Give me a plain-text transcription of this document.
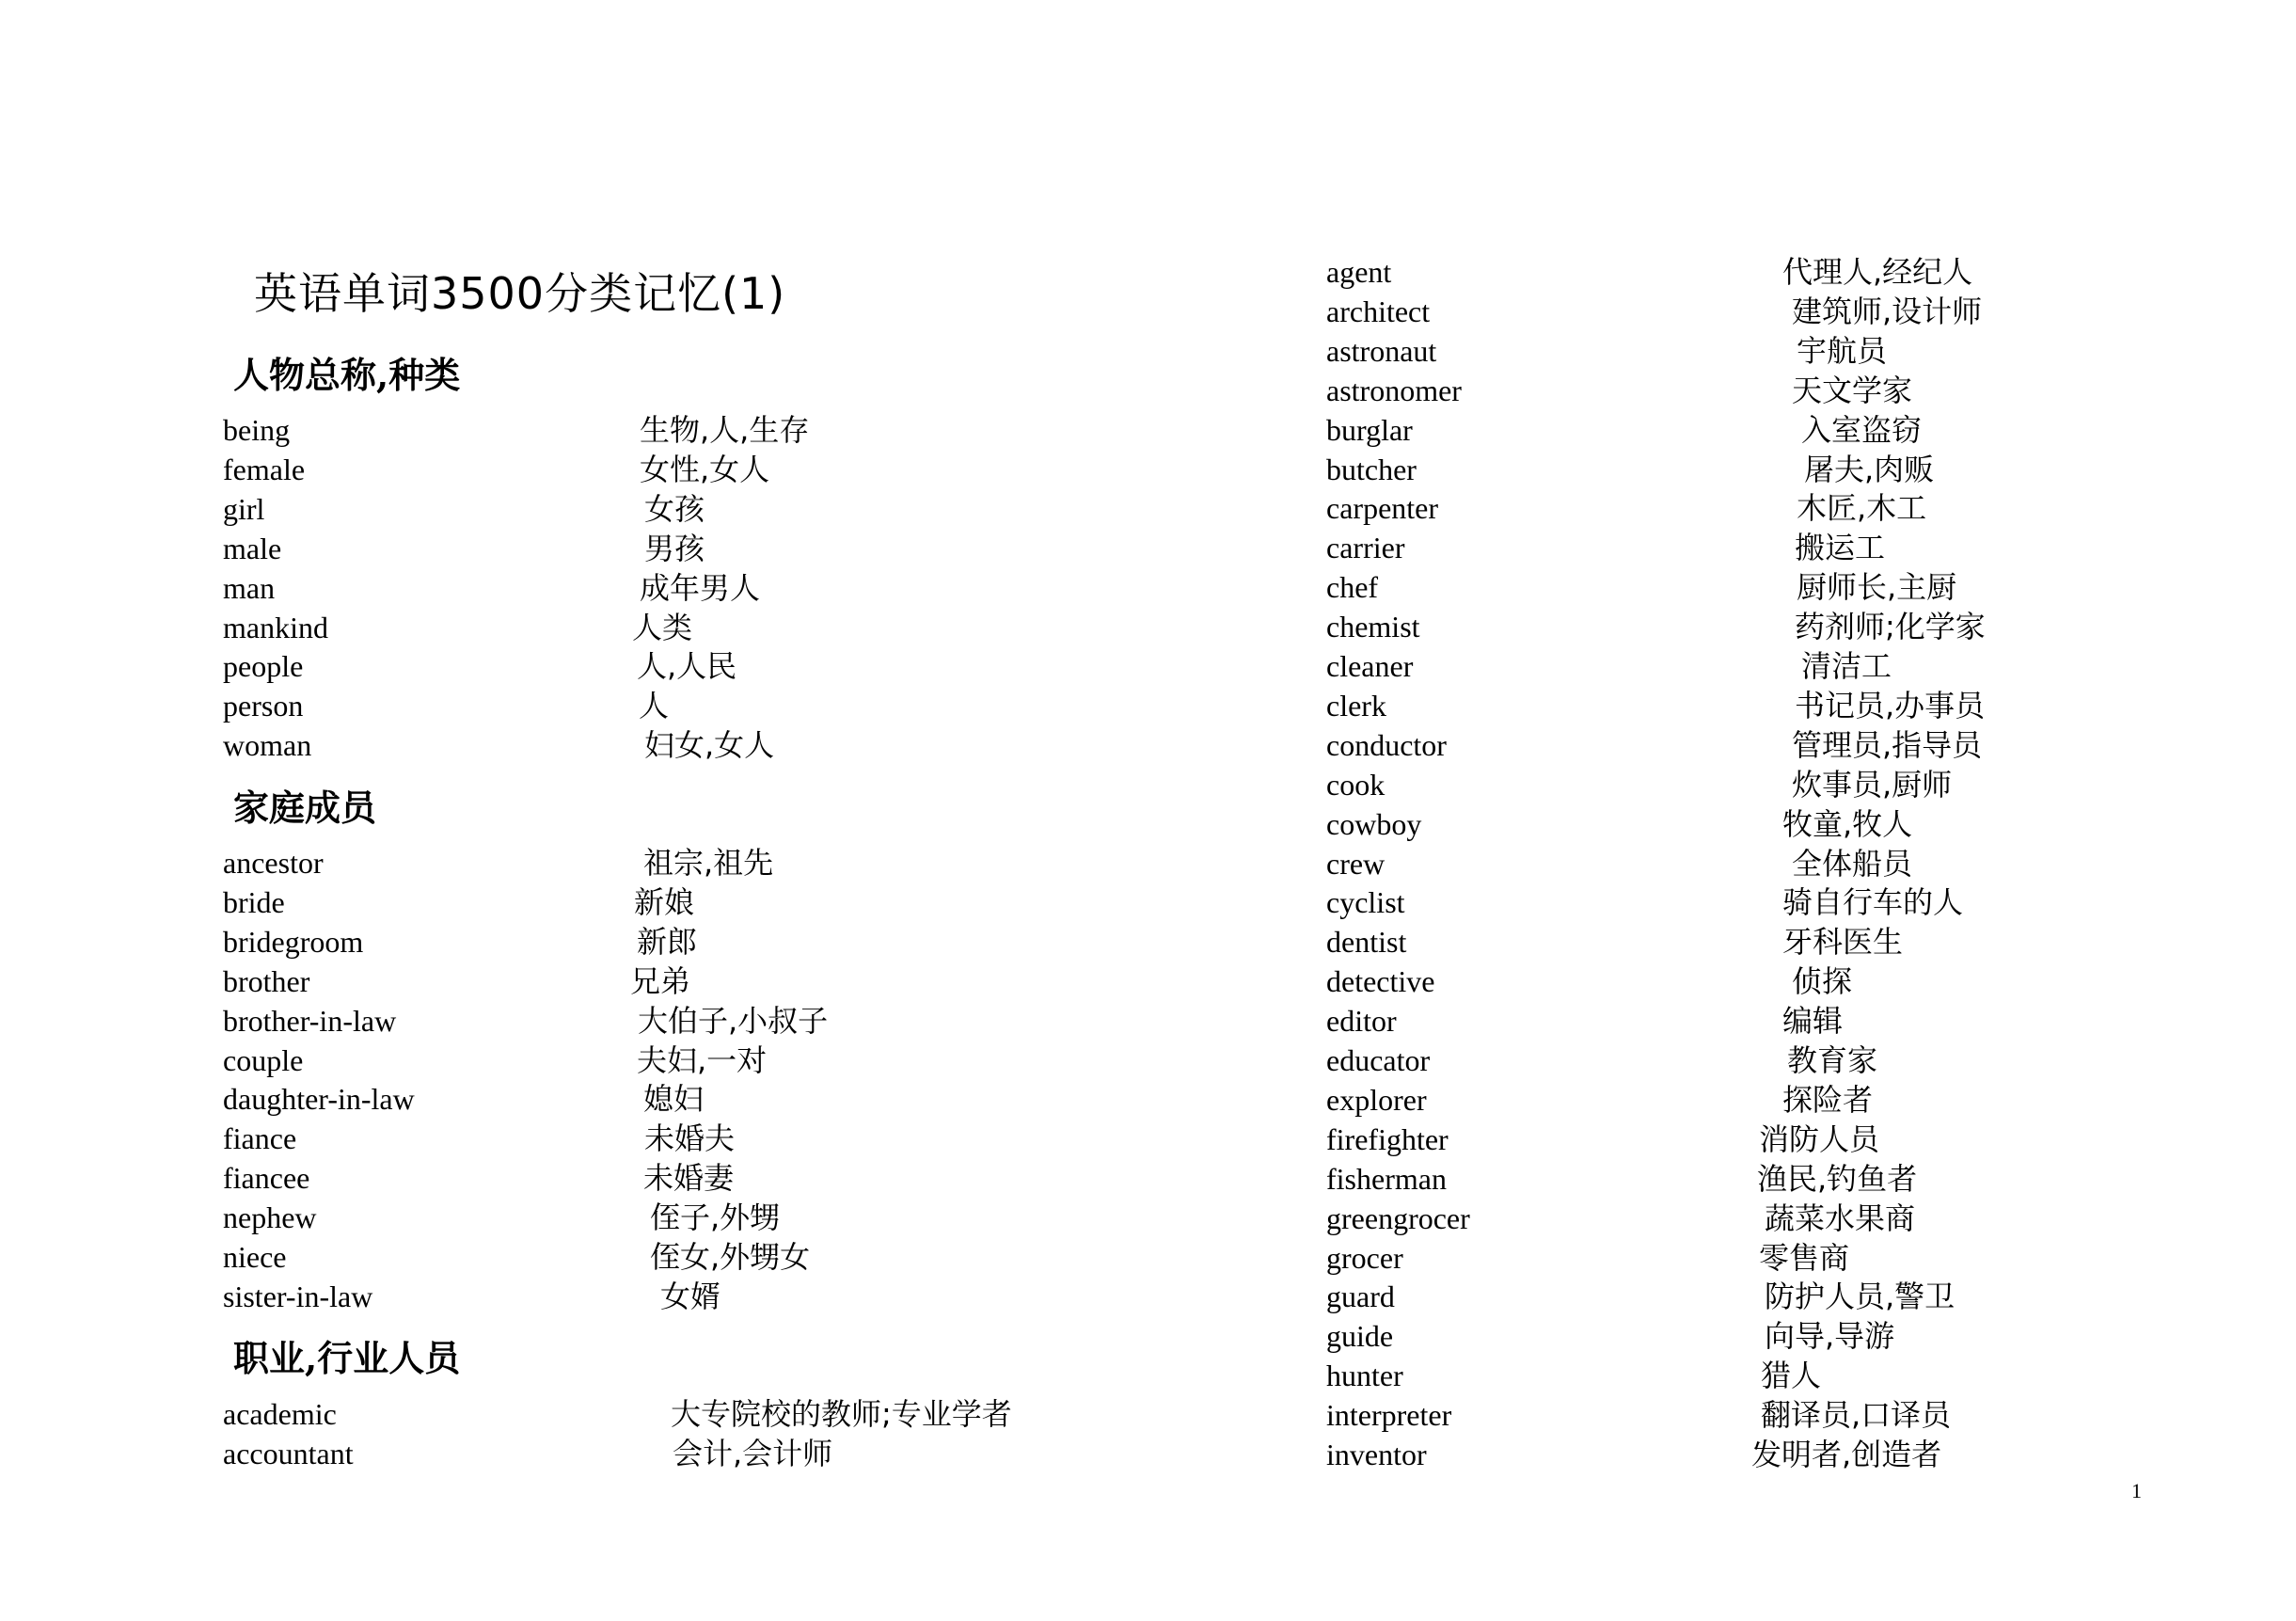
英语单词3500分类记忆(1)
人物总称,种类
being	生物,人,生存
female	女性,女人
girl	女孩
male	男孩
man	成年男人
mankind	人类
people	人,人民
person	人
woman	妇女,女人
家庭成员
ancestor	祖宗,祖先
bride	新娘
bridegroom	新郎
brother	兄弟
brother-in-law	大伯子,小叔子
couple	夫妇,一对
daughter-in-law	媳妇
fiance	未婚夫
fiancee	未婚妻
nephew	侄子,外甥
niece	侄女,外甥女
sister-in-law	女婿
职业,行业人员
academic	大专院校的教师;专业学者
accountant	会计,会计师
agent	代理人,经纪人
architect	建筑师,设计师
astronaut	宇航员
astronomer	天文学家
burglar	入室盗窃
butcher	屠夫,肉贩
carpenter	木匠,木工
carrier	搬运工
chef	厨师长,主厨
chemist	药剂师;化学家
cleaner	清洁工
clerk	书记员,办事员
conductor	管理员,指导员
cook	炊事员,厨师
cowboy	牧童,牧人
crew	全体船员
cyclist	骑自行车的人
dentist	牙科医生
detective	侦探
editor	编辑
educator	教育家
explorer	探险者
firefighter	消防人员
fisherman	渔民,钓鱼者
greengrocer	蔬菜水果商
grocer	零售商
guard	防护人员,警卫
guide	向导,导游
hunter	猎人
interpreter	翻译员,口译员
inventor	发明者,创造者
1
